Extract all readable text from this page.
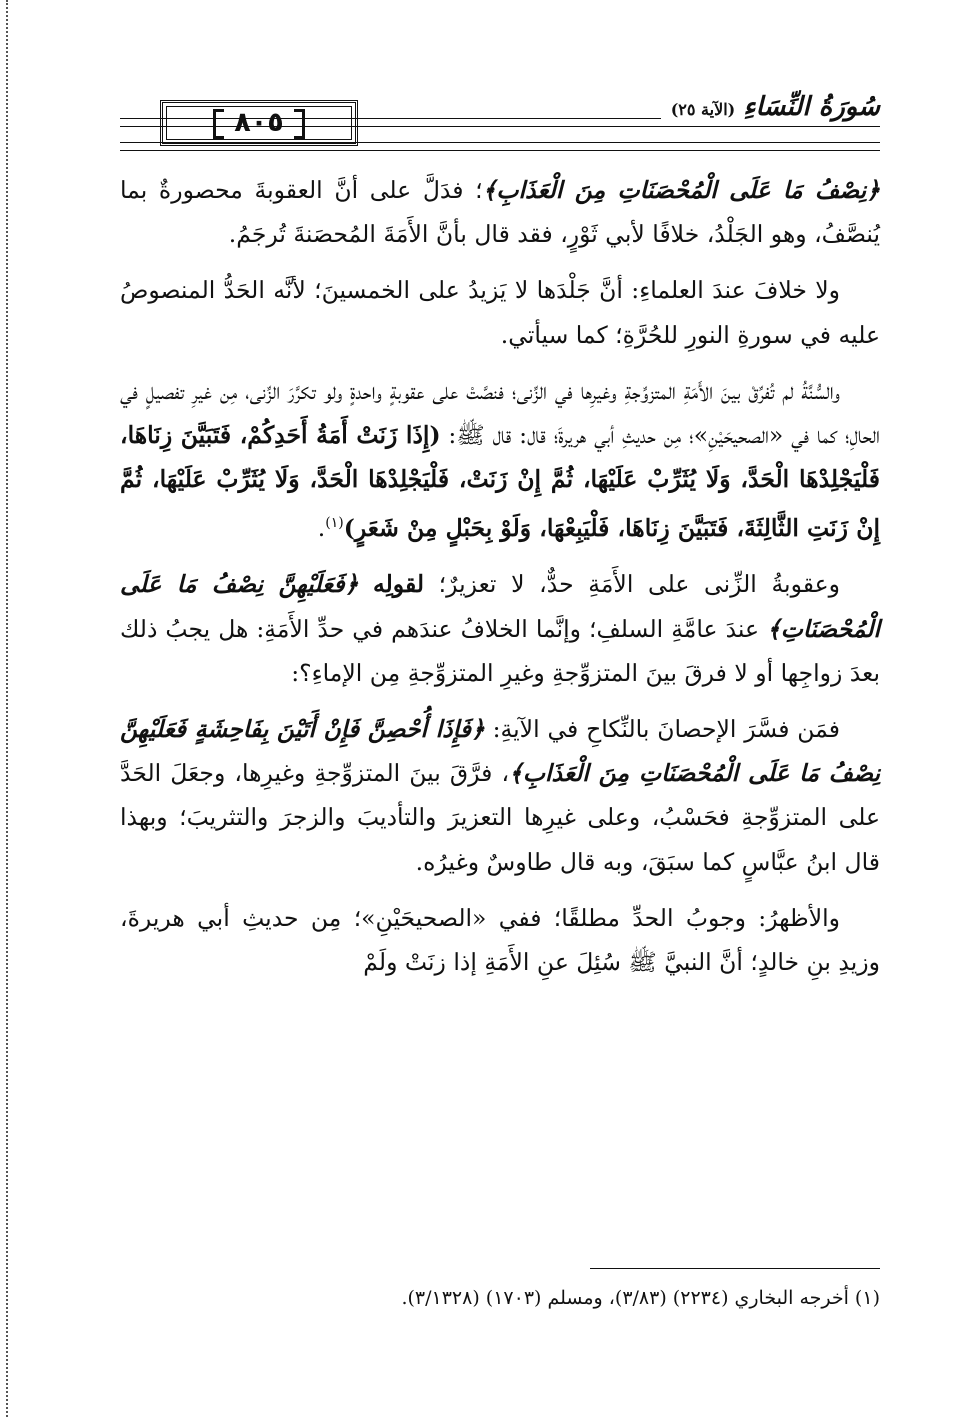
٨٠٥
سُورَةُ النِّسَاءِ
(الآية ٢٥)

﴿نِصْفُ مَا عَلَى الْمُحْصَنَاتِ مِنَ الْعَذَابِ﴾؛ فدَلَّ على أنَّ العقوبةَ محصورةٌ بما يُنصَّفُ، وهو الجَلْدُ، خلافًا لأبي ثَوْرٍ، فقد قال بأنَّ الأَمَةَ المُحصَنةَ تُرجَمُ.

ولا خلافَ عندَ العلماءِ: أنَّ جَلْدَها لا يَزيدُ على الخمسينَ؛ لأنَّه الحَدُّ المنصوصُ عليه في سورةِ النورِ للحُرَّةِ؛ كما سيأتي.

والسُّنَّةُ لم تُفرِّقْ بينَ الأَمَةِ المتزوِّجةِ وغيرِها في الزِّنى؛ فنصَّتْ على عقوبةٍ واحدةٍ ولو تكرَّرَ الزِّنى، مِن غيرِ تفصيلٍ في الحالِ؛ كما في «الصحيحَيْنِ»؛ مِن حديثِ أبي هريرةَ؛ قال: قال ﷺ: (إِذَا زَنَتْ أَمَةُ أَحَدِكُمْ، فَتَبَيَّنَ زِنَاهَا، فَلْيَجْلِدْهَا الْحَدَّ، وَلَا يُثَرِّبْ عَلَيْهَا، ثُمَّ إِنْ زَنَتْ، فَلْيَجْلِدْهَا الْحَدَّ، وَلَا يُثَرِّبْ عَلَيْهَا، ثُمَّ إِنْ زَنَتِ الثَّالِثَةَ، فَتَبَيَّنَ زِنَاهَا، فَلْيَبِعْهَا، وَلَوْ بِحَبْلٍ مِنْ شَعَرٍ)$^{(١)}$.

وعقوبةُ الزِّنى على الأَمَةِ حدٌّ، لا تعزيرٌ؛ لقولِه ﴿فَعَلَيْهِنَّ نِصْفُ مَا عَلَى الْمُحْصَنَاتِ﴾ عندَ عامَّةِ السلفِ؛ وإنَّما الخلافُ عندَهم في حدِّ الأَمَةِ: هل يجبُ ذلك بعدَ زواجِها أو لا فرقَ بينَ المتزوِّجةِ وغيرِ المتزوِّجةِ مِن الإماءِ؟:

فمَن فسَّرَ الإحصانَ بالنِّكاحِ في الآيةِ: ﴿فَإِذَا أُحْصِنَّ فَإِنْ أَتَيْنَ بِفَاحِشَةٍ فَعَلَيْهِنَّ نِصْفُ مَا عَلَى الْمُحْصَنَاتِ مِنَ الْعَذَابِ﴾، فرَّقَ بينَ المتزوِّجةِ وغيرِها، وجعَلَ الحَدَّ على المتزوِّجةِ فحَسْبُ، وعلى غيرِها التعزيرَ والتأديبَ والزجرَ والتثريبَ؛ وبهذا قال ابنُ عبَّاسٍ كما سبَقَ، وبه قال طاوسٌ وغيرُه.

والأظهرُ: وجوبُ الحدِّ مطلقًا؛ ففي «الصحيحَيْنِ»؛ مِن حديثِ أبي هريرةَ، وزيدِ بنِ خالدٍ؛ أنَّ النبيَّ ﷺ سُئِلَ عنِ الأَمَةِ إذا زنَتْ ولَمْ

(١) أخرجه البخاري (٢٢٣٤) (٣/٨٣)، ومسلم (١٧٠٣) (٣/١٣٢٨).
